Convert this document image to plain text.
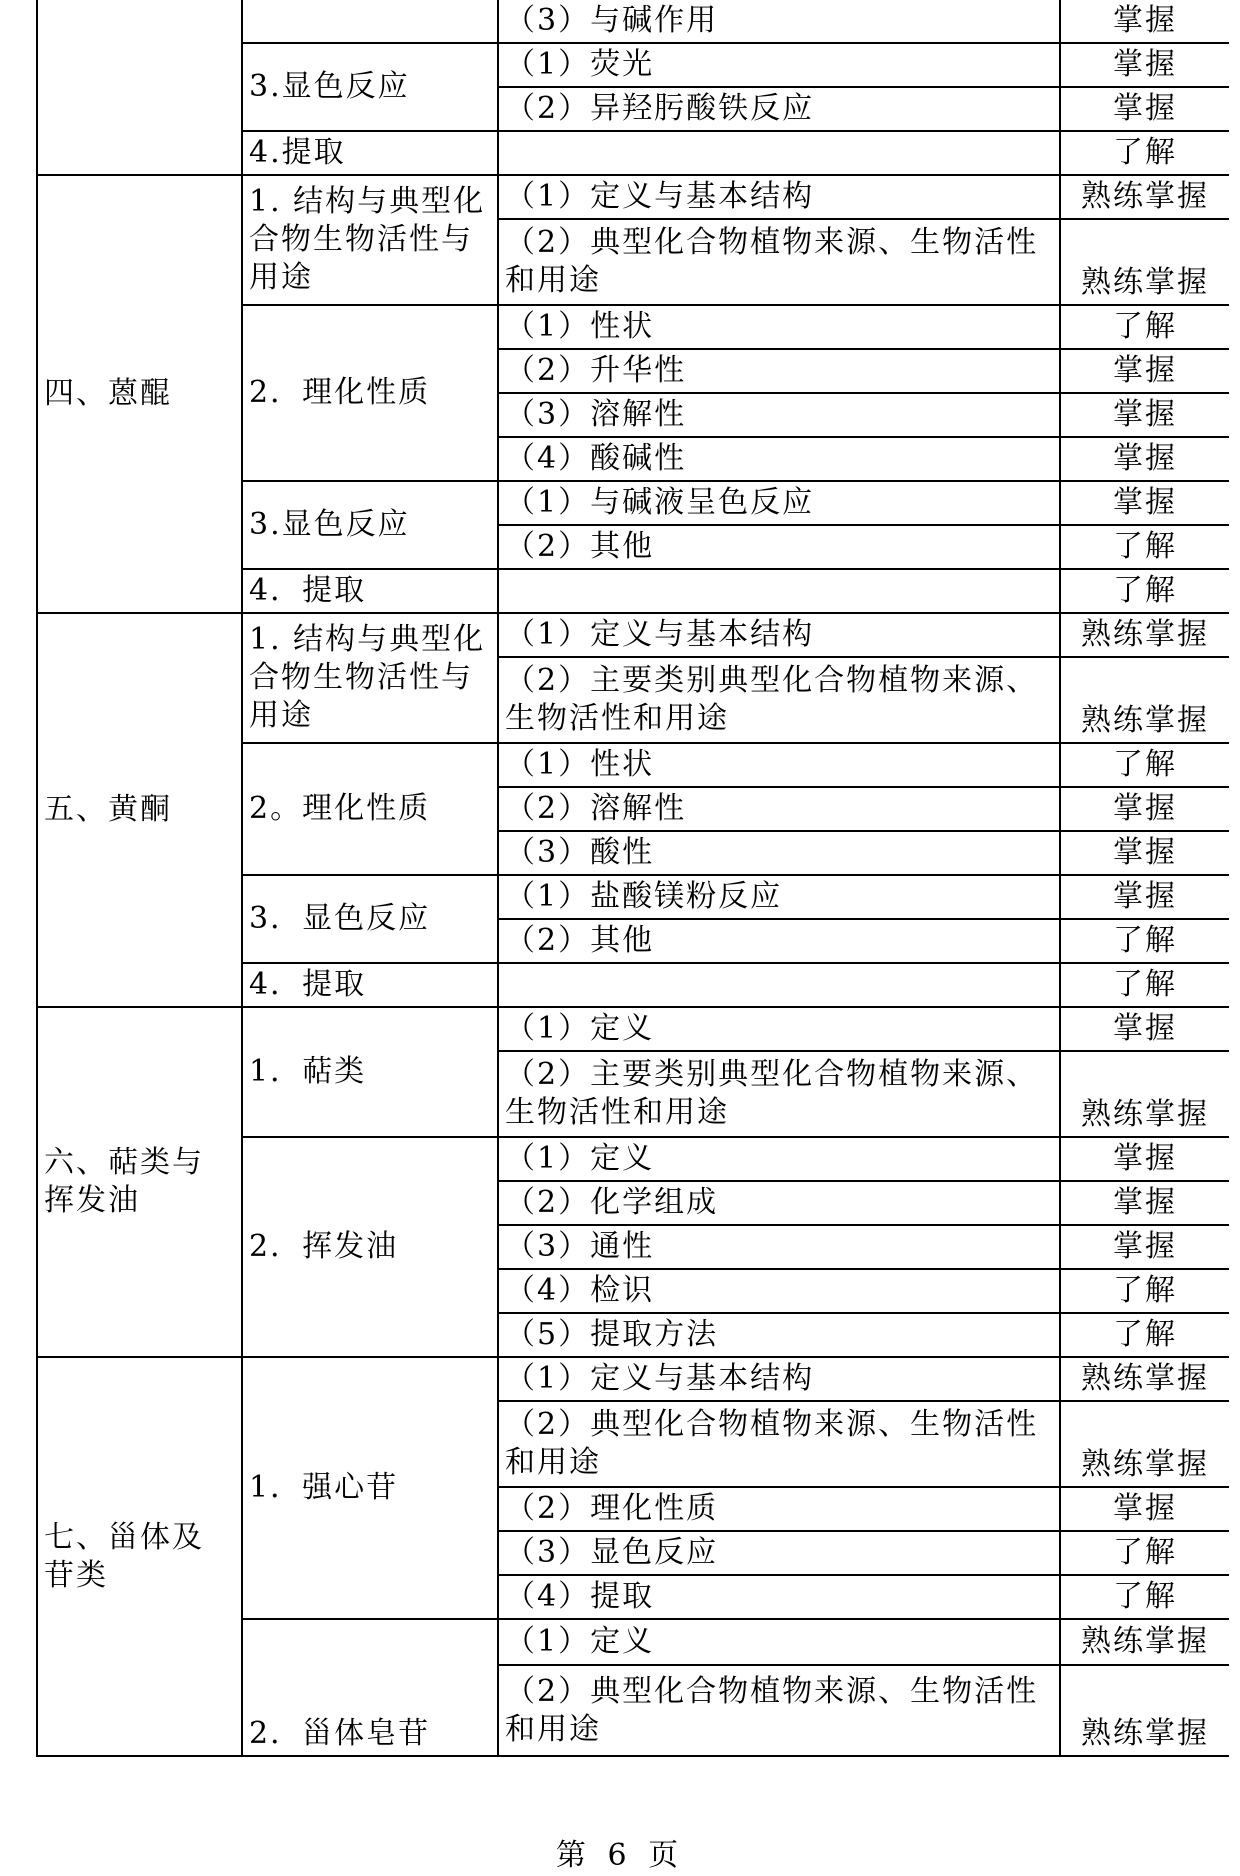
		（3）与碱作用	掌握
	3.显色反应	（1）荧光	掌握
		（2）异羟肟酸铁反应	掌握
	4.提取		了解
四、蒽醌	1. 结构与典型化合物生物活性与用途	（1）定义与基本结构	熟练掌握
		（2）典型化合物植物来源、生物活性和用途	熟练掌握
	2．理化性质	（1）性状	了解
		（2）升华性	掌握
		（3）溶解性	掌握
		（4）酸碱性	掌握
	3.显色反应	（1）与碱液呈色反应	掌握
		（2）其他	了解
	4．提取		了解
五、黄酮	1. 结构与典型化合物生物活性与用途	（1）定义与基本结构	熟练掌握
		（2）主要类别典型化合物植物来源、生物活性和用途	熟练掌握
	2。理化性质	（1）性状	了解
		（2）溶解性	掌握
		（3）酸性	掌握
	3．显色反应	（1）盐酸镁粉反应	掌握
		（2）其他	了解
	4．提取		了解
六、萜类与挥发油	1．萜类	（1）定义	掌握
		（2）主要类别典型化合物植物来源、生物活性和用途	熟练掌握
	2．挥发油	（1）定义	掌握
		（2）化学组成	掌握
		（3）通性	掌握
		（4）检识	了解
		（5）提取方法	了解
七、甾体及苷类	1．强心苷	（1）定义与基本结构	熟练掌握
		（2）典型化合物植物来源、生物活性和用途	熟练掌握
		（2）理化性质	掌握
		（3）显色反应	了解
		（4）提取	了解
	2．甾体皂苷	（1）定义	熟练掌握
		（2）典型化合物植物来源、生物活性和用途	熟练掌握
第 6 页
